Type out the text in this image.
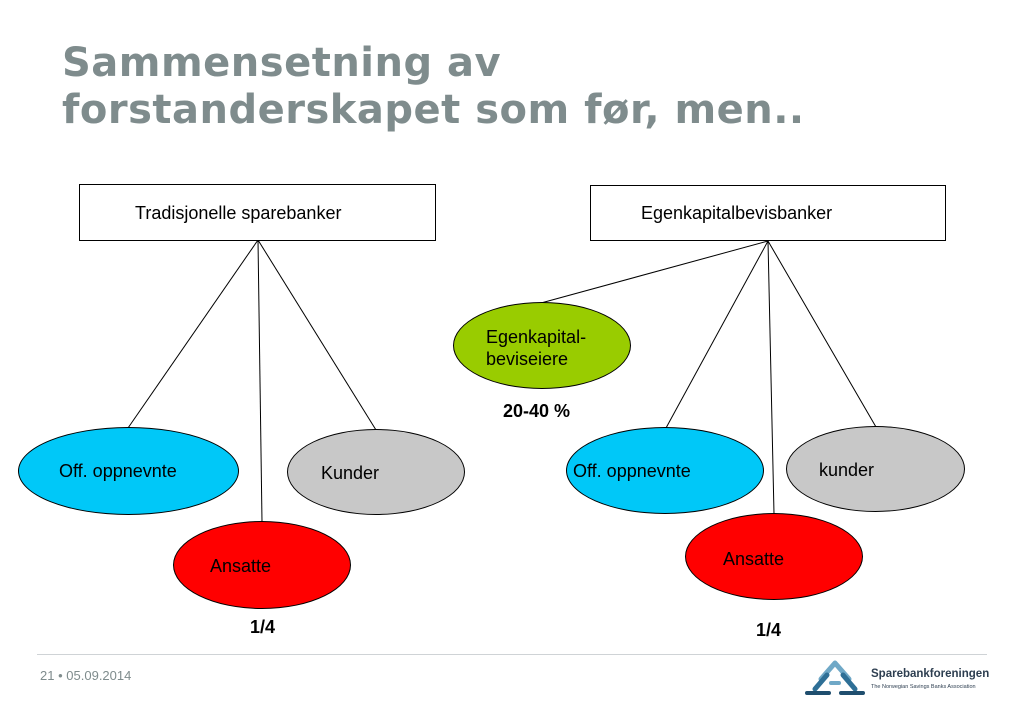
Sammensetning av
forstanderskapet som før, men..
Tradisjonelle sparebanker
Off. oppnevnte	Kunder
Ansatte
1/4
Egenkapitalbevisbanker
Egenkapital-
beviseiere
20-40 %
Off. oppnevnte	kunder
Ansatte
1/4
21 • 05.09.2014	Sparebankforeningen
The Norwegian Savings Banks Association
